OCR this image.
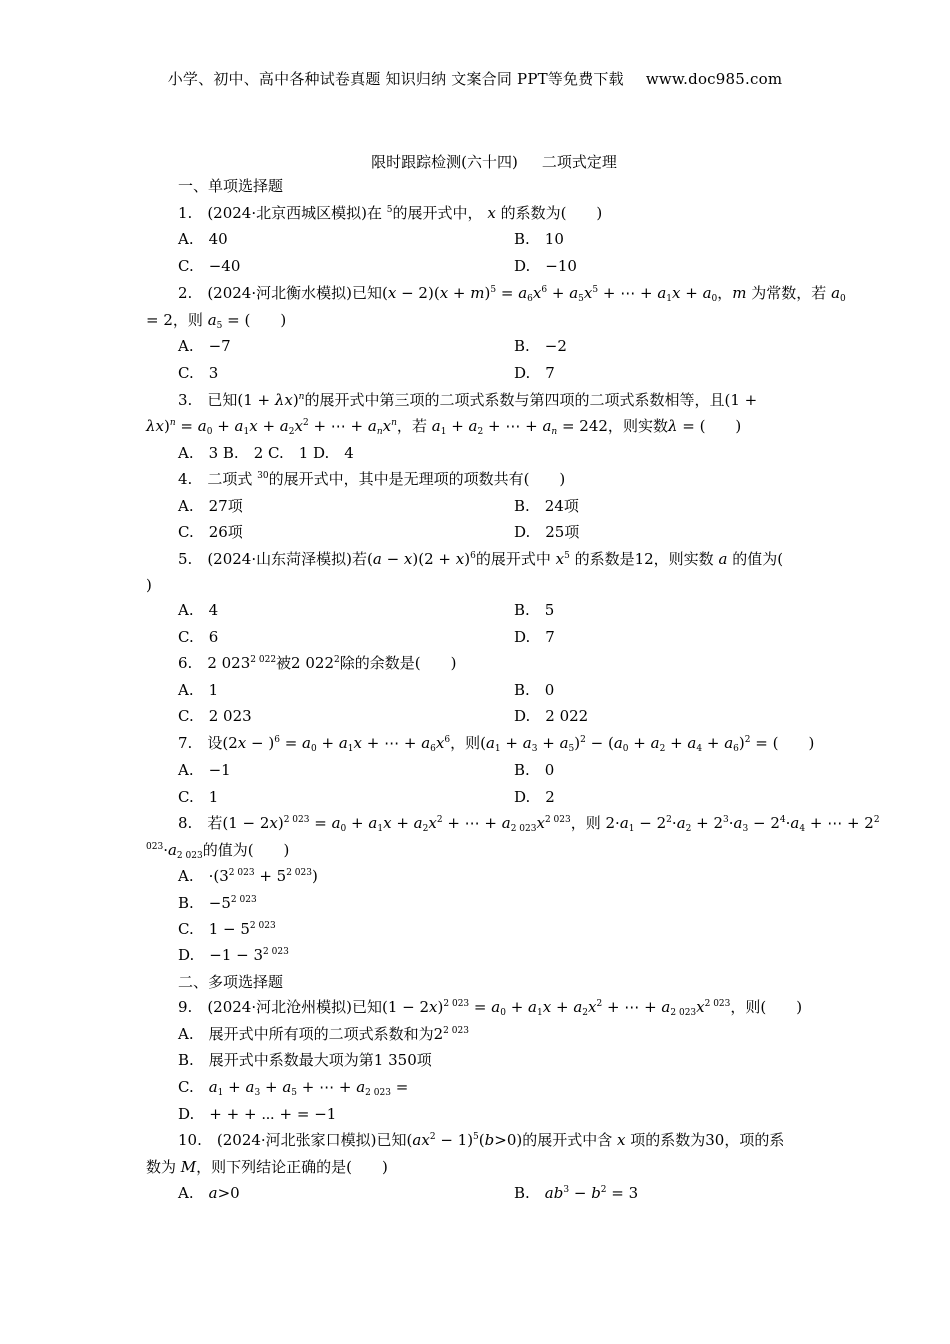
小学、初中、高中各种试卷真题 知识归纳 文案合同 PPT等免费下载 www.doc985.com
限时跟踪检测(六十四) 二项式定理
一、单项选择题
1.　 (2024·北京西城区模拟)在 $^5$的展开式中， x 的系数为(　　)
A.　40	B.　10
C.　−40	D.　−10
2.　 (2024·河北衡水模拟)已知$(x - 2)(x + m)^5 = a_6x^6 + a_5x^5$ + ⋯ + $a_1x + a_0$，m 为常数，若 $a_0$
= 2，则 $a_5$ = (　　)
A.　−7	B.　−2
C.　3	D.　7
3.　 已知$(1 + \lambda x)^n$的展开式中第三项的二项式系数与第四项的二项式系数相等，且(1 +
$\lambda x)^n = a_0 + a_1x + a_2x^2$ + ⋯ + $a_nx^n$，若 $a_1 + a_2$ + ⋯ + $a_n = 242$，则实数λ = (　　)
A.　3 B.　2 C.　1 D.　4
4.　 二项式 $^{30}$的展开式中，其中是无理项的项数共有(　　)
A.　27项	B.　24项
C.　26项	D.　25项
5.　 (2024·山东菏泽模拟)若$(a - x)(2 + x)^6$的展开式中 $x^5$ 的系数是12，则实数 a 的值为(
)
A.　4	B.　5
C.　6	D.　7
6.　 2 $023^{2 022}$被2 $022^2$除的余数是(　　)
A.　1	B.　0
C.　2 023	D.　2 022
7.　 设$(2x - )^6 = a_0 + a_1x$ + ⋯ + $a_6x^6$，则$(a_1 + a_3 + a_5)^2 - (a_0 + a_2 + a_4 + a_6)^2$ = (　　)
A.　−1	B.　0
C.　1	D.　2
8.　 若$(1 - 2x)^{2 023} = a_0 + a_1x + a_2x^2$ + ⋯ + $a_{2 023}x^{2 023}$，则 $2\cdot a_1 - 2^2\cdot a_2 + 2^3\cdot a_3 - 2^4\cdot a_4$ + ⋯ + $2^2$
$^{023}\cdot a_{2 023}$的值为(　　)
A.　$\cdot(3^{2 023} + 5^{2 023})$
B.　$-5^{2 023}$
C.　$1 - 5^{2 023}$
D.　$-1 - 3^{2 023}$
二、多项选择题
9.　 (2024·河北沧州模拟)已知$(1 - 2x)^{2 023} = a_0 + a_1x + a_2x^2$ + ⋯ + $a_{2 023}x^{2 023}$，则(　　)
A.　展开式中所有项的二项式系数和为$2^{2 023}$
B.　展开式中系数最大项为第1 350项
C.　$a_1 + a_3 + a_5$ + ⋯ + $a_{2 023}$ =
D.　+ + + ⋯ + = −1
10.　 (2024·河北张家口模拟)已知$(ax^2 - 1)^5(b>0)$的展开式中含 x 项的系数为30，项的系
数为 M，则下列结论正确的是(　　)
A.　a>0	B.　$ab^3 - b^2 = 3$
